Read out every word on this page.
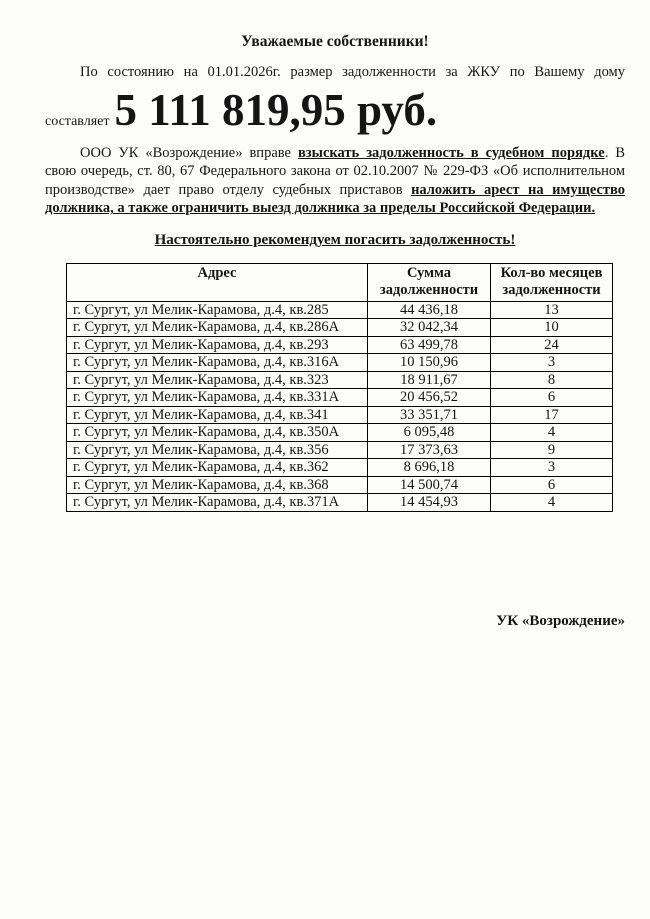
Уважаемые собственники!

По состоянию на 01.01.2026г. размер задолженности за ЖКУ по Вашему дому

составляет 5 111 819,95 руб.

ООО УК «Возрождение» вправе взыскать задолженность в судебном порядке. В свою очередь, ст. 80, 67 Федерального закона от 02.10.2007 № 229-ФЗ «Об исполнительном производстве» дает право отделу судебных приставов наложить арест на имущество должника, а также ограничить выезд должника за пределы Российской Федерации.

Настоятельно рекомендуем погасить задолженность!

Адрес	Сумма задолженности	Кол-во месяцев задолженности
г. Сургут, ул Мелик-Карамова, д.4, кв.285	44 436,18	13
г. Сургут, ул Мелик-Карамова, д.4, кв.286А	32 042,34	10
г. Сургут, ул Мелик-Карамова, д.4, кв.293	63 499,78	24
г. Сургут, ул Мелик-Карамова, д.4, кв.316А	10 150,96	3
г. Сургут, ул Мелик-Карамова, д.4, кв.323	18 911,67	8
г. Сургут, ул Мелик-Карамова, д.4, кв.331А	20 456,52	6
г. Сургут, ул Мелик-Карамова, д.4, кв.341	33 351,71	17
г. Сургут, ул Мелик-Карамова, д.4, кв.350А	6 095,48	4
г. Сургут, ул Мелик-Карамова, д.4, кв.356	17 373,63	9
г. Сургут, ул Мелик-Карамова, д.4, кв.362	8 696,18	3
г. Сургут, ул Мелик-Карамова, д.4, кв.368	14 500,74	6
г. Сургут, ул Мелик-Карамова, д.4, кв.371А	14 454,93	4
УК «Возрождение»
